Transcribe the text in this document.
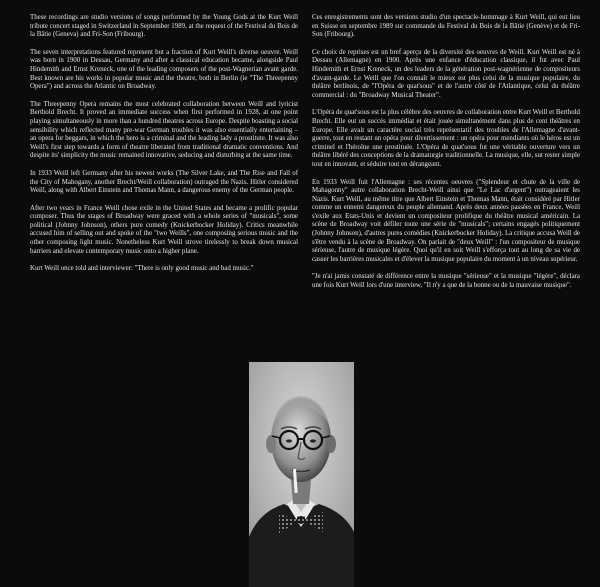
These recordings are studio versions of songs performed by the Young Gods at the Kurt Weill tribute concert staged in Switzerland in September 1989, at the request of the Festival du Bois de la Bâtie (Geneva) and Fri-Son (Fribourg).

The seven interpretations featured represent but a fraction of Kurt Weill's diverse oeuvre. Weill was born in 1900 in Dessau, Germany and after a classical education became, alongside Paul Hindemith and Ernst Kreneck, one of the leading composers of the post-Wagnerian avant garde. Best known are his works in popular music and the theatre, both in Berlin (ie "The Threepenny Opera") and across the Atlantic on Broadway.

The Threepenny Opera remains the most celebrated collaboration between Weill and lyricist Berthold Brecht. It proved an immediate success when first performed in 1928, at one point playing simultaneously in more than a hundred theatres across Europe. Despite boasting a social sensibility which reflected many pre-war German troubles it was also essentially entertaining – an opera for beggars, in which the hero is a criminal and the leading lady a prostitute. It was also Weill's first step towards a form of theatre liberated from traditional dramatic conventions. And despite its' simplicity the music remained innovative, seducing and disturbing at the same time.

In 1933 Weill left Germany after his newest works (The Silver Lake, and The Rise and Fall of the City of Mahogany, another Brecht/Weill collaboration) outraged the Nazis. Hitler considered Weill, along with Albert Einstein and Thomas Mann, a dangerous enemy of the German people.

After two years in France Weill chose exile in the United States and became a prolific popular composer. Thus the stages of Broadway were graced with a whole series of "musicals", some political (Johnny Johnson), others pure comedy (Knickerbocker Holiday). Critics meanwhile accused him of selling out and spoke of the "two Weills", one composing serious music and the other composing light music. Nonetheless Kurt Weill strove tirelessly to break down musical barriers and elevate contemporary music onto a higher plane.

Kurt Weill once told and interviewer: "There is only good music and bad music."

Ces enregistrements sont des versions studio d'un spectacle-hommage à Kurt Weill, qui eut lieu en Suisse en septembre 1989 sur commande du Festival du Bois de la Bâtie (Genève) et de Fri-Son (Fribourg).

Ce choix de reprises est un bref aperçu de la diversité des oeuvres de Weill. Kurt Weill est né à Dessau (Allemagne) en 1900. Après une enfance d'éducation classique, il fut avec Paul Hindemith et Ernst Kreneck, un des leaders de la génération post-wagnérienne de compositeurs d'avant-garde. Le Weill que l'on connaît le mieux est plus celui de la musique populaire, du théâtre berlinois, de "l'Opéra de quat'sous" et de l'autre côté de l'Atlantique, celui du théâtre commercial : du "Broadway Musical Theater".

L'Opéra de quat'sous est la plus célèbre des oeuvres de collaboration entre Kurt Weill et Berthold Brecht. Elle eut un succès immédiat et était jouée simultanément dans plus de cent théâtres en Europe. Elle avait un caractère social très représentatif des troubles de l'Allemagne d'avant-guerre, tout en restant un opéra pour divertissement : un opéra pour mendiants où le héros est un criminel et l'héroïne une prostituée. L'Opéra de quat'sous fut une véritable ouverture vers un théâtre libéré des conceptions de la dramaturgie traditionnelle. La musique, elle, sut rester simple tout en innovant, et séduire tout en dérangeant.

En 1933 Weill fuit l'Allemagne : ses récentes oeuvres ("Splendeur et chute de la ville de Mahagonny" autre collaboration Brecht-Weill ainsi que "Le Lac d'argent") outrageaient les Nazis. Kurt Weill, au même titre que Albert Einstein et Thomas Mann, était considéré par Hitler comme un ennemi dangereux du peuple allemand. Après deux années passées en France, Weill s'exile aux Etats-Unis et devient un compositeur prolifique du théâtre musical américain. La scène de Broadway voit défiler toute une série de "musicals"; certains engagés politiquement (Johnny Johnson), d'autres pures comédies (Knickerbocker Holiday). La critique accusa Weill de s'être vendu à la scène de Broadway. On parlait de "deux Weill" : l'un compositeur de musique sérieuse, l'autre de musique légère. Quoi qu'il en soit Weill s'efforça tout au long de sa vie de casser les barrières musicales et d'élever la musique populaire du moment à un niveau supérieur.

"Je n'ai jamis constaté de différence entre la musique "sérieuse" et la musique "légère", déclara une fois Kurt Weill lors d'une interview, "Il n'y a que de la bonne ou de la mauvaise musique".
